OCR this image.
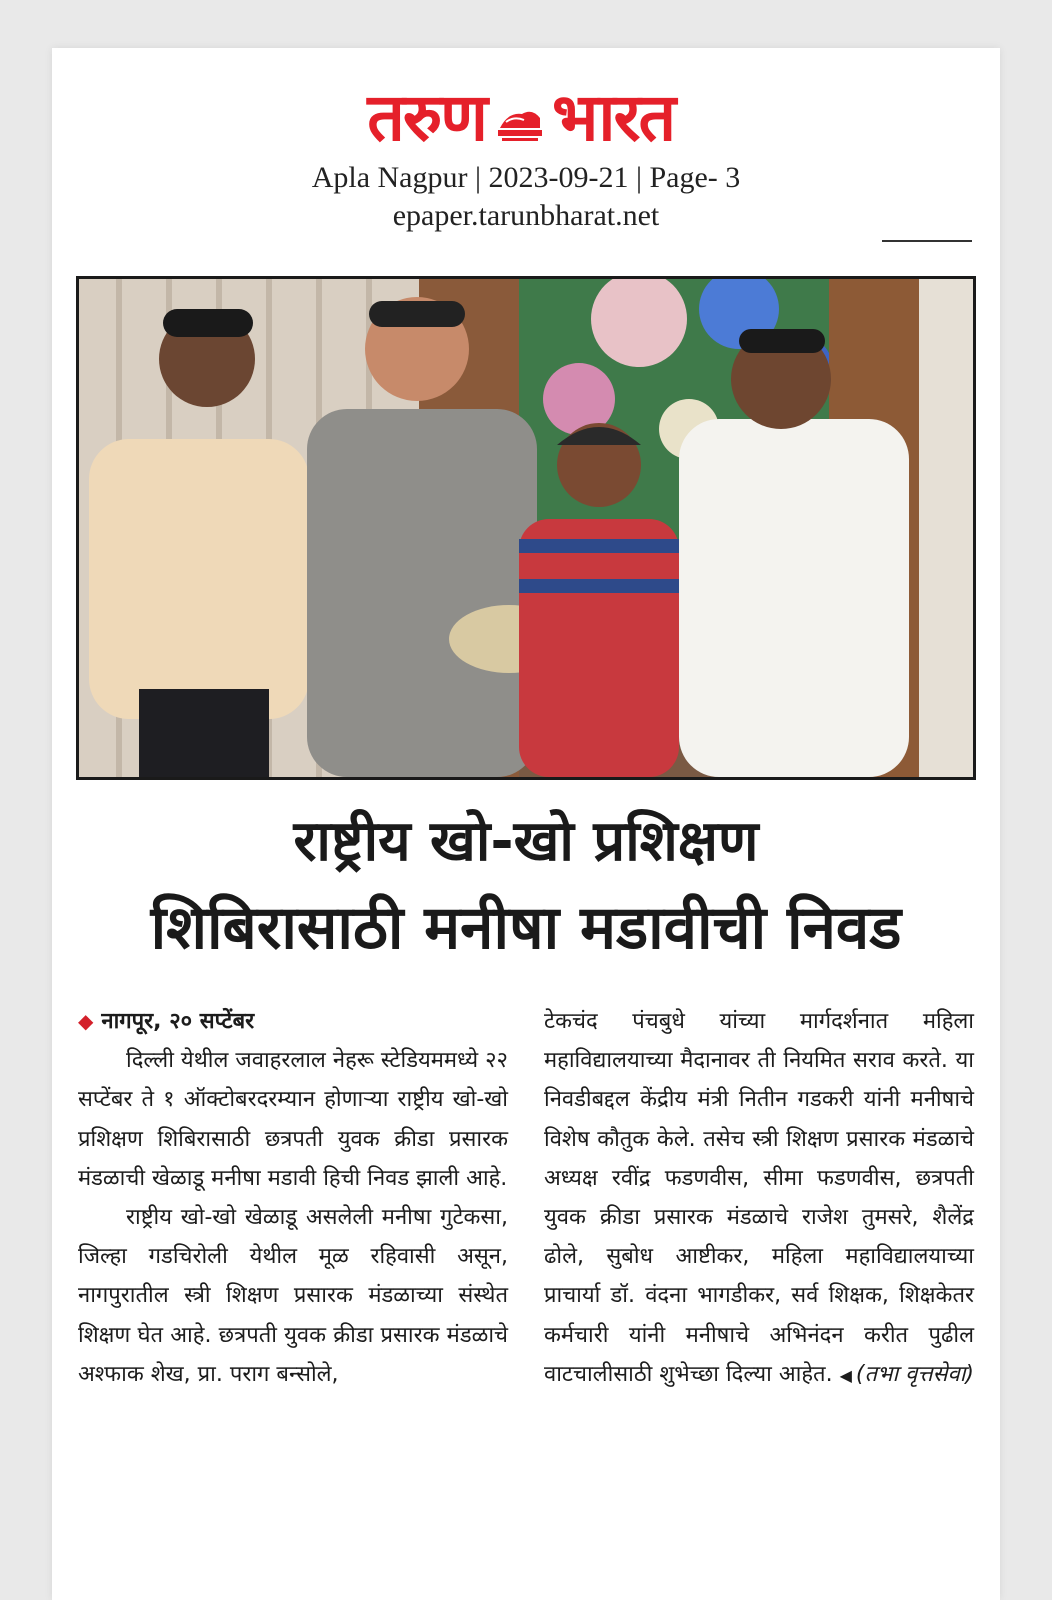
तरुण भारत
Apla Nagpur | 2023-09-21 | Page- 3
epaper.tarunbharat.net
राष्ट्रीय खो-खो प्रशिक्षण
शिबिरासाठी मनीषा मडावीची निवड
◆ नागपूर, २० सप्टेंबर

दिल्ली येथील जवाहरलाल नेहरू स्टेडियममध्ये २२ सप्टेंबर ते १ ऑक्टोबरदरम्यान होणाऱ्या राष्ट्रीय खो-खो प्रशिक्षण शिबिरासाठी छत्रपती युवक क्रीडा प्रसारक मंडळाची खेळाडू मनीषा मडावी हिची निवड झाली आहे.

राष्ट्रीय खो-खो खेळाडू असलेली मनीषा गुटेकसा, जिल्हा गडचिरोली येथील मूळ रहिवासी असून, नागपुरातील स्त्री शिक्षण प्रसारक मंडळाच्या संस्थेत शिक्षण घेत आहे. छत्रपती युवक क्रीडा प्रसारक मंडळाचे अश्फाक शेख, प्रा. पराग बन्सोले,

टेकचंद पंचबुधे यांच्या मार्गदर्शनात महिला महाविद्यालयाच्या मैदानावर ती नियमित सराव करते. या निवडीबद्दल केंद्रीय मंत्री नितीन गडकरी यांनी मनीषाचे विशेष कौतुक केले. तसेच स्त्री शिक्षण प्रसारक मंडळाचे अध्यक्ष रवींद्र फडणवीस, सीमा फडणवीस, छत्रपती युवक क्रीडा प्रसारक मंडळाचे राजेश तुमसरे, शैलेंद्र ढोले, सुबोध आष्टीकर, महिला महाविद्यालयाच्या प्राचार्या डॉ. वंदना भागडीकर, सर्व शिक्षक, शिक्षकेतर कर्मचारी यांनी मनीषाचे अभिनंदन करीत पुढील वाटचालीसाठी शुभेच्छा दिल्या आहेत. ◀ (तभा वृत्तसेवा)
